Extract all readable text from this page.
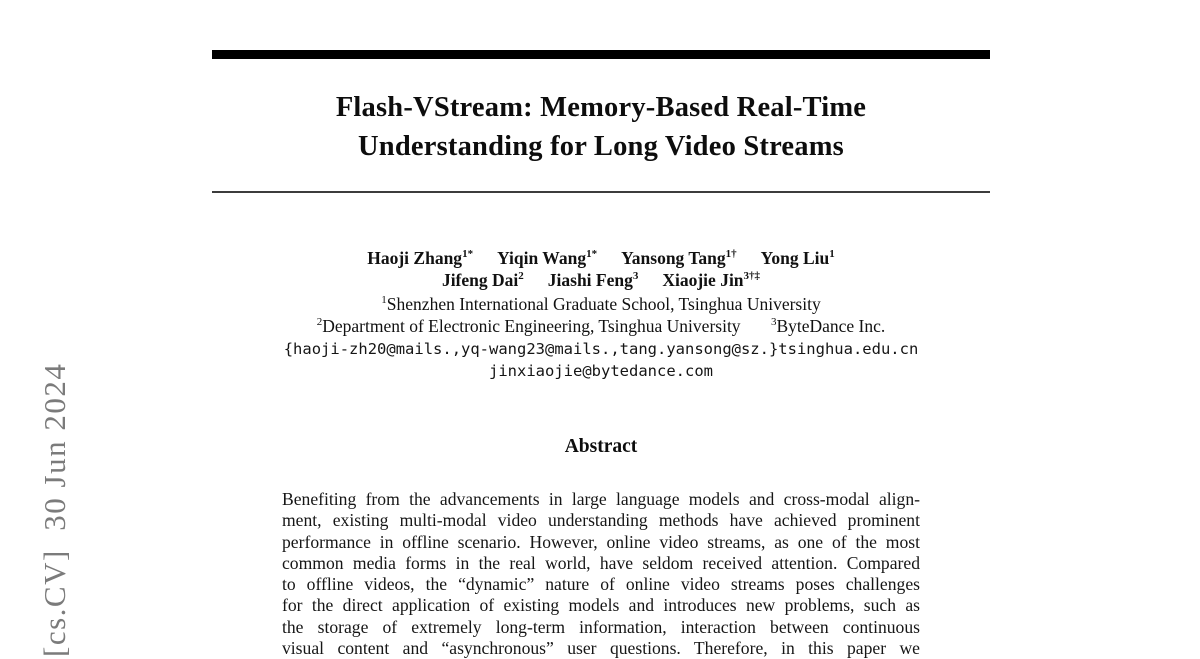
[cs.CV]  30 Jun 2024
Flash-VStream: Memory-Based Real-Time
Understanding for Long Video Streams
Haoji Zhang$^{1*}$ Yiqin Wang$^{1*}$ Yansong Tang$^{1\dagger}$ Yong Liu$^1$
Jifeng Dai$^2$ Jiashi Feng$^3$ Xiaojie Jin$^{3\dagger\ddagger}$
$^1$Shenzhen International Graduate School, Tsinghua University
$^2$Department of Electronic Engineering, Tsinghua University	$^3$ByteDance Inc.
{haoji-zh20@mails.,yq-wang23@mails.,tang.yansong@sz.}tsinghua.edu.cn
jinxiaojie@bytedance.com
Abstract
Benefiting from the advancements in large language models and cross-modal align-
ment, existing multi-modal video understanding methods have achieved prominent
performance in offline scenario. However, online video streams, as one of the most
common media forms in the real world, have seldom received attention. Compared
to offline videos, the “dynamic” nature of online video streams poses challenges
for the direct application of existing models and introduces new problems, such as
the storage of extremely long-term information, interaction between continuous
visual content and “asynchronous” user questions. Therefore, in this paper we
